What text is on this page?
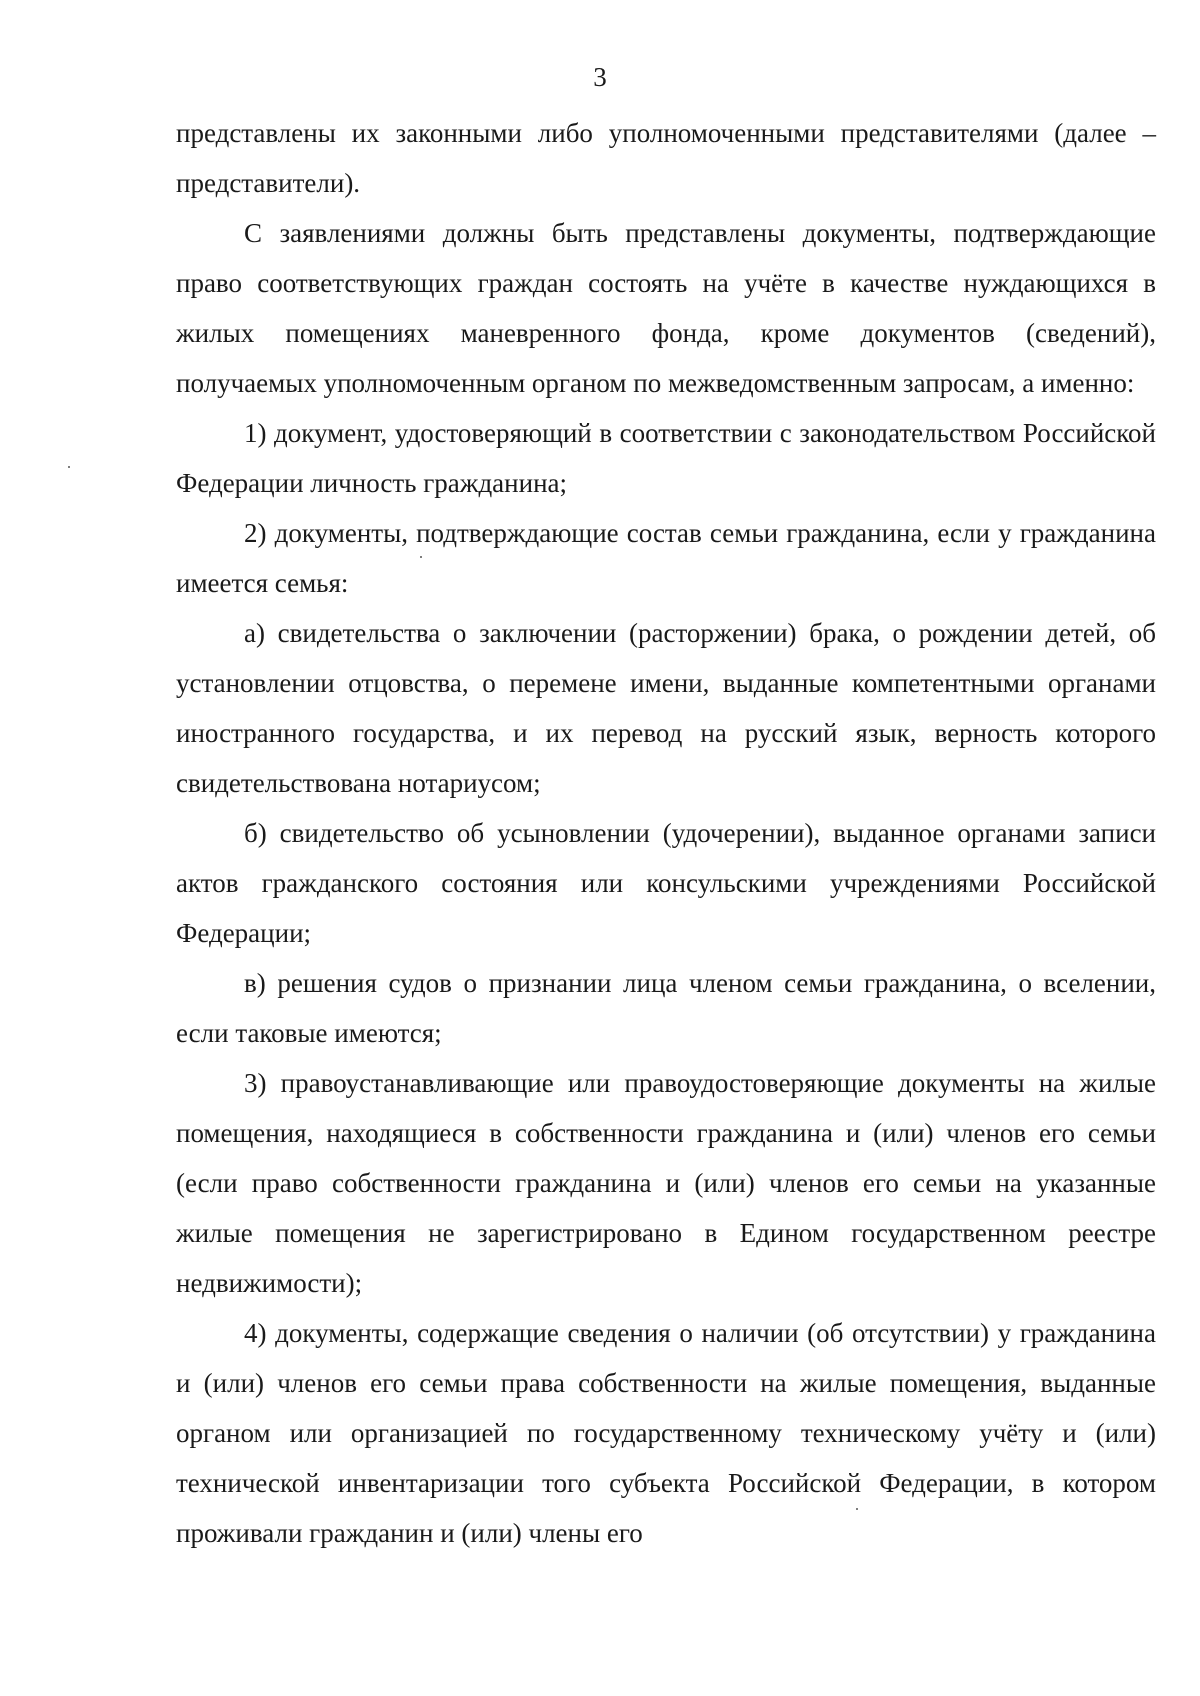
3

представлены их законными либо уполномоченными представителями (далее – представители).

С заявлениями должны быть представлены документы, подтверждающие право соответствующих граждан состоять на учёте в качестве нуждающихся в жилых помещениях маневренного фонда, кроме документов (сведений), получаемых уполномоченным органом по межведомственным запросам, а именно:

1) документ, удостоверяющий в соответствии с законодательством Российской Федерации личность гражданина;

2) документы, подтверждающие состав семьи гражданина, если у гражданина имеется семья:

а) свидетельства о заключении (расторжении) брака, о рождении детей, об установлении отцовства, о перемене имени, выданные компетентными органами иностранного государства, и их перевод на русский язык, верность которого свидетельствована нотариусом;

б) свидетельство об усыновлении (удочерении), выданное органами записи актов гражданского состояния или консульскими учреждениями Российской Федерации;

в) решения судов о признании лица членом семьи гражданина, о вселении, если таковые имеются;

3) правоустанавливающие или правоудостоверяющие документы на жилые помещения, находящиеся в собственности гражданина и (или) членов его семьи (если право собственности гражданина и (или) членов его семьи на указанные жилые помещения не зарегистрировано в Едином государственном реестре недвижимости);

4) документы, содержащие сведения о наличии (об отсутствии) у гражданина и (или) членов его семьи права собственности на жилые помещения, выданные органом или организацией по государственному техническому учёту и (или) технической инвентаризации того субъекта Российской Федерации, в котором проживали гражданин и (или) члены его
